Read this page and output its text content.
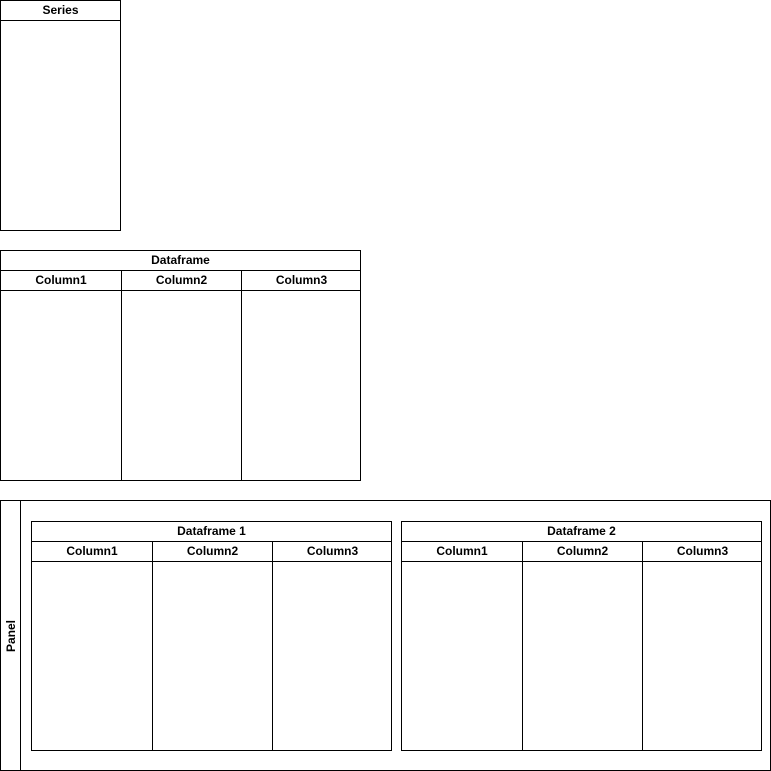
Series
Dataframe
Column1	Column2	Column3
Panel
Dataframe 1
Column1	Column2	Column3
Dataframe 2
Column1	Column2	Column3
